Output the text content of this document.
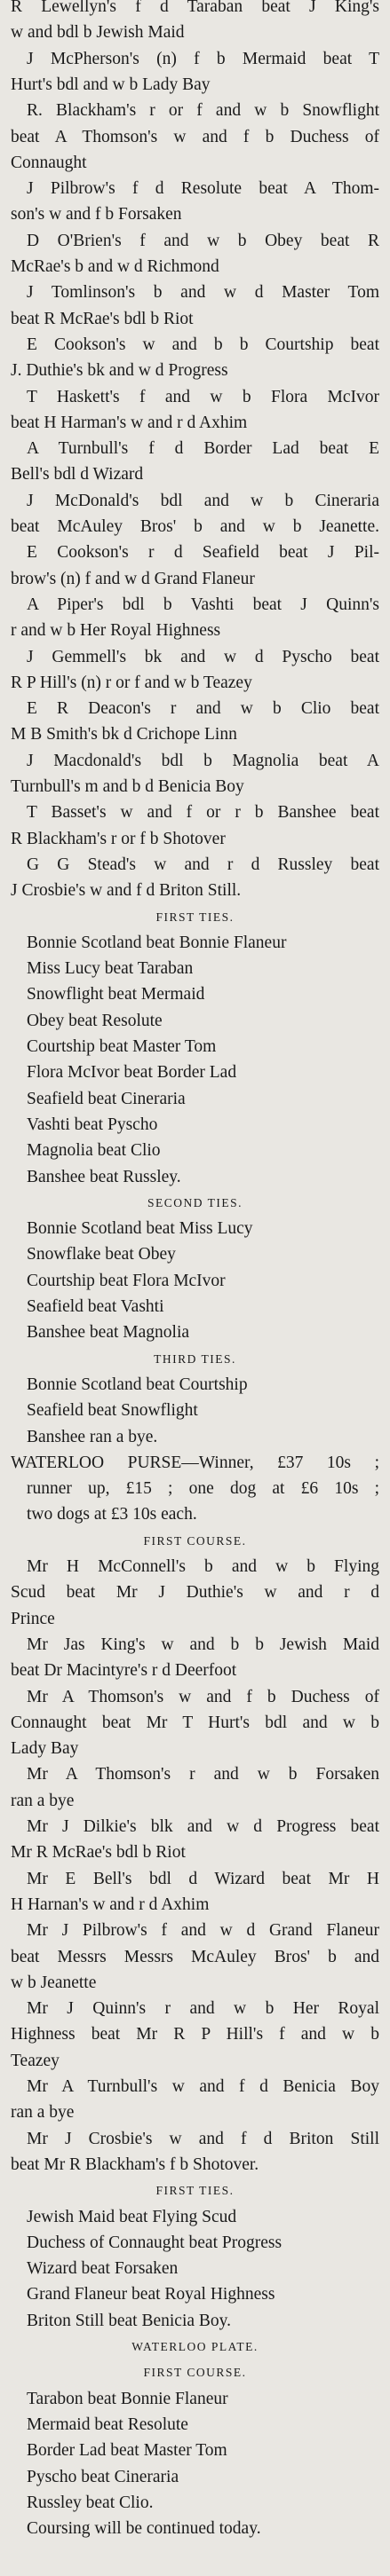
R Lewellyn's f d Taraban beat J King's
w and bdl b Jewish Maid
J McPherson's (n) f b Mermaid beat T
Hurt's bdl and w b Lady Bay
R. Blackham's r or f and w b Snowflight
beat A Thomson's w and f b Duchess of
Connaught
J Pilbrow's f d Resolute beat A Thom-
son's w and f b Forsaken
D O'Brien's f and w b Obey beat R
McRae's b and w d Richmond
J Tomlinson's b and w d Master Tom
beat R McRae's bdl b Riot
E Cookson's w and b b Courtship beat
J. Duthie's bk and w d Progress
T Haskett's f and w b Flora McIvor
beat H Harman's w and r d Axhim
A Turnbull's f d Border Lad beat E
Bell's bdl d Wizard
J McDonald's bdl and w b Cineraria
beat McAuley Bros' b and w b Jeanette.
E Cookson's r d Seafield beat J Pil-
brow's (n) f and w d Grand Flaneur
A Piper's bdl b Vashti beat J Quinn's
r and w b Her Royal Highness
J Gemmell's bk and w d Pyscho beat
R P Hill's (n) r or f and w b Teazey
E R Deacon's r and w b Clio beat
M B Smith's bk d Crichope Linn
J Macdonald's bdl b Magnolia beat A
Turnbull's m and b d Benicia Boy
T Basset's w and f or r b Banshee beat
R Blackham's r or f b Shotover
G G Stead's w and r d Russley beat
J Crosbie's w and f d Briton Still.
FIRST TIES.
Bonnie Scotland beat Bonnie Flaneur
Miss Lucy beat Taraban
Snowflight beat Mermaid
Obey beat Resolute
Courtship beat Master Tom
Flora McIvor beat Border Lad
Seafield beat Cineraria
Vashti beat Pyscho
Magnolia beat Clio
Banshee beat Russley.
SECOND TIES.
Bonnie Scotland beat Miss Lucy
Snowflake beat Obey
Courtship beat Flora McIvor
Seafield beat Vashti
Banshee beat Magnolia
THIRD TIES.
Bonnie Scotland beat Courtship
Seafield beat Snowflight
Banshee ran a bye.
WATERLOO PURSE—Winner, £37 10s ;
runner up, £15 ; one dog at £6 10s ;
two dogs at £3 10s each.
FIRST COURSE.
Mr H McConnell's b and w b Flying
Scud beat Mr J Duthie's w and r d
Prince
Mr Jas King's w and b b Jewish Maid
beat Dr Macintyre's r d Deerfoot
Mr A Thomson's w and f b Duchess of
Connaught beat Mr T Hurt's bdl and w b
Lady Bay
Mr A Thomson's r and w b Forsaken
ran a bye
Mr J Dilkie's blk and w d Progress beat
Mr R McRae's bdl b Riot
Mr E Bell's bdl d Wizard beat Mr H
H Harnan's w and r d Axhim
Mr J Pilbrow's f and w d Grand Flaneur
beat Messrs Messrs McAuley Bros' b and
w b Jeanette
Mr J Quinn's r and w b Her Royal
Highness beat Mr R P Hill's f and w b
Teazey
Mr A Turnbull's w and f d Benicia Boy
ran a bye
Mr J Crosbie's w and f d Briton Still
beat Mr R Blackham's f b Shotover.
FIRST TIES.
Jewish Maid beat Flying Scud
Duchess of Connaught beat Progress
Wizard beat Forsaken
Grand Flaneur beat Royal Highness
Briton Still beat Benicia Boy.
WATERLOO PLATE.
FIRST COURSE.
Tarabon beat Bonnie Flaneur
Mermaid beat Resolute
Border Lad beat Master Tom
Pyscho beat Cineraria
Russley beat Clio.
Coursing will be continued today.
